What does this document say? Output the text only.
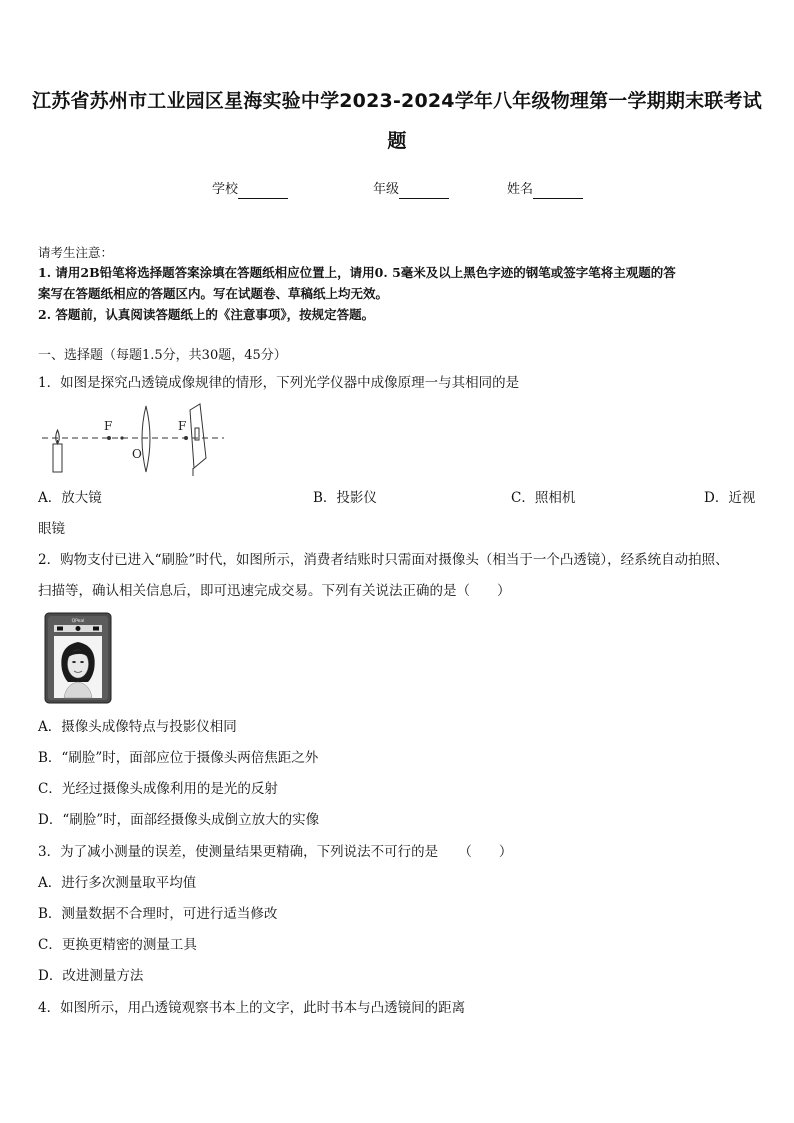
江苏省苏州市工业园区星海实验中学2023-2024学年八年级物理第一学期期末联考试
题
学校	年级	姓名
请考生注意：
1. 请用2B铅笔将选择题答案涂填在答题纸相应位置上，请用0. 5毫米及以上黑色字迹的钢笔或签字笔将主观题的答
案写在答题纸相应的答题区内。写在试题卷、草稿纸上均无效。
2. 答题前，认真阅读答题纸上的《注意事项》，按规定答题。
一、选择题（每题1.5分，共30题，45分）
1．如图是探究凸透镜成像规律的情形，下列光学仪器中成像原理一与其相同的是
F
O
F
A．放大镜	B．投影仪	C．照相机	D．近视
眼镜
2．购物支付已进入“刷脸”时代，如图所示，消费者结账时只需面对摄像头（相当于一个凸透镜），经系统自动拍照、
扫描等，确认相关信息后，即可迅速完成交易。下列有关说法正确的是（　　）
QPeal
A．摄像头成像特点与投影仪相同
B．“刷脸”时，面部应位于摄像头两倍焦距之外
C．光经过摄像头成像利用的是光的反射
D．“刷脸”时，面部经摄像头成倒立放大的实像
3．为了减小测量的误差，使测量结果更精确，下列说法不可行的是　　（　　）
A．进行多次测量取平均值
B．测量数据不合理时，可进行适当修改
C．更换更精密的测量工具
D．改进测量方法
4．如图所示，用凸透镜观察书本上的文字，此时书本与凸透镜间的距离
